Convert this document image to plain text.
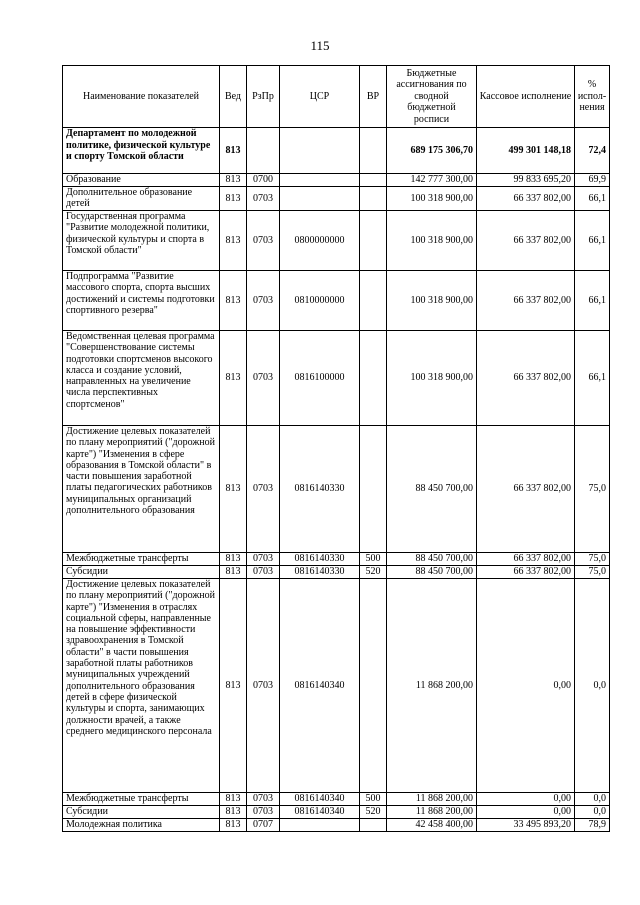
115
Наименование показателей	Вед	РзПр	ЦСР	ВР	Бюджетные ассигнования по сводной бюджетной росписи	Кассовое исполнение	% испол-нения
Департамент по молодежной политике, физической культуре и спорту Томской области	813				689 175 306,70	499 301 148,18	72,4
Образование	813	0700			142 777 300,00	99 833 695,20	69,9
Дополнительное образование детей	813	0703			100 318 900,00	66 337 802,00	66,1
Государственная программа "Развитие молодежной политики, физической культуры и спорта в Томской области"	813	0703	0800000000		100 318 900,00	66 337 802,00	66,1
Подпрограмма "Развитие массового спорта, спорта высших достижений и системы подготовки спортивного резерва"	813	0703	0810000000		100 318 900,00	66 337 802,00	66,1
Ведомственная целевая программа "Совершенствование системы подготовки спортсменов высокого класса и создание условий, направленных на увеличение числа перспективных спортсменов"	813	0703	0816100000		100 318 900,00	66 337 802,00	66,1
Достижение целевых показателей по плану мероприятий ("дорожной карте") "Изменения в сфере образования в Томской области" в части повышения заработной платы педагогических работников муниципальных организаций дополнительного образования	813	0703	0816140330		88 450 700,00	66 337 802,00	75,0
Межбюджетные трансферты	813	0703	0816140330	500	88 450 700,00	66 337 802,00	75,0
Субсидии	813	0703	0816140330	520	88 450 700,00	66 337 802,00	75,0
Достижение целевых показателей по плану мероприятий ("дорожной карте") "Изменения в отраслях социальной сферы, направленные на повышение эффективности здравоохранения в Томской области" в части повышения заработной платы работников муниципальных учреждений дополнительного образования детей в сфере физической культуры и спорта, занимающих должности врачей, а также среднего медицинского персонала	813	0703	0816140340		11 868 200,00	0,00	0,0
Межбюджетные трансферты	813	0703	0816140340	500	11 868 200,00	0,00	0,0
Субсидии	813	0703	0816140340	520	11 868 200,00	0,00	0,0
Молодежная политика	813	0707			42 458 400,00	33 495 893,20	78,9
